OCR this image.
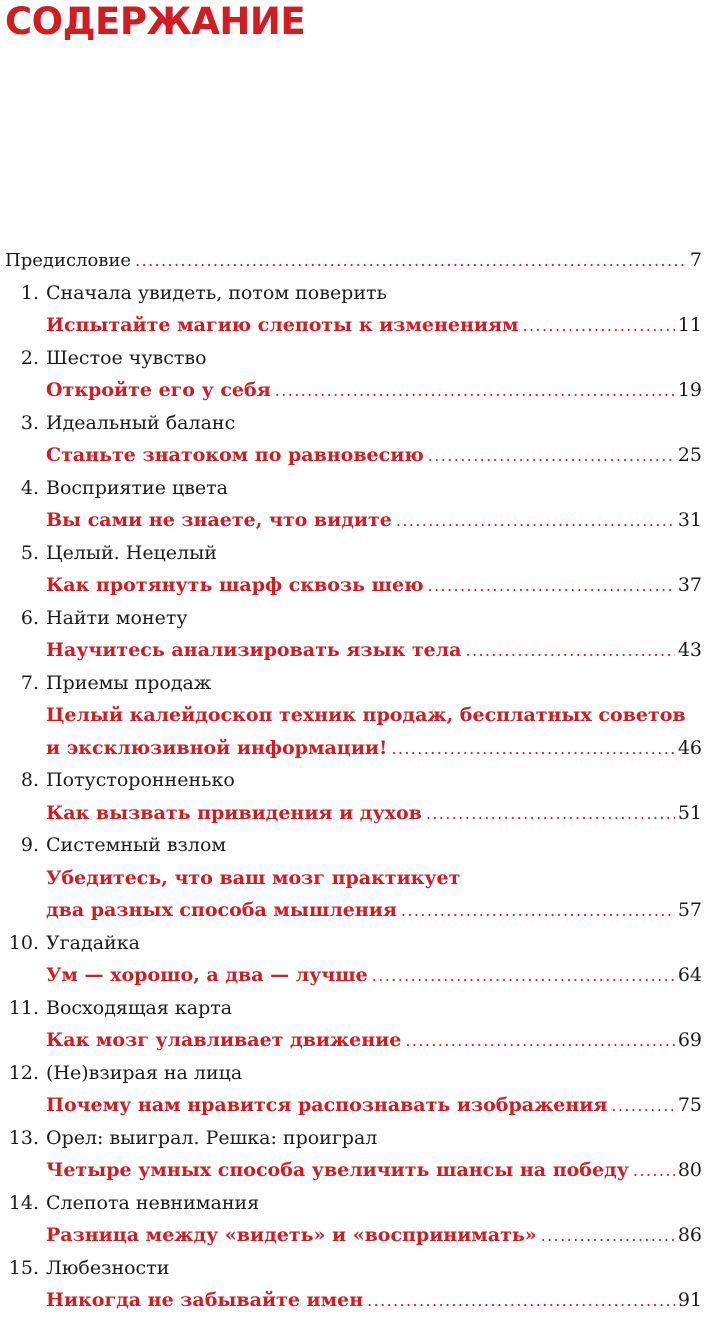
СОДЕРЖАНИЕ
Предисловие .....	7
1. Сначала увидеть, потом поверить
Испытайте магию слепоты к изменениям .....	11
2. Шестое чувство
Откройте его у себя .....	19
3. Идеальный баланс
Станьте знатоком по равновесию .....	25
4. Восприятие цвета
Вы сами не знаете, что видите .....	31
5. Целый. Нецелый
Как протянуть шарф сквозь шею .....	37
6. Найти монету
Научитесь анализировать язык тела .....	43
7. Приемы продаж
Целый калейдоскоп техник продаж, бесплатных советов
и эксклюзивной информации! .....	46
8. Потусторонненько
Как вызвать привидения и духов .....	51
9. Системный взлом
Убедитесь, что ваш мозг практикует
два разных способа мышления .....	57
10. Угадайка
Ум — хорошо, а два — лучше .....	64
11. Восходящая карта
Как мозг улавливает движение .....	69
12. (Не)взирая на лица
Почему нам нравится распознавать изображения .....	75
13. Орел: выиграл. Решка: проиграл
Четыре умных способа увеличить шансы на победу .....	80
14. Слепота невнимания
Разница между «видеть» и «воспринимать» .....	86
15. Любезности
Никогда не забывайте имен .....	91
